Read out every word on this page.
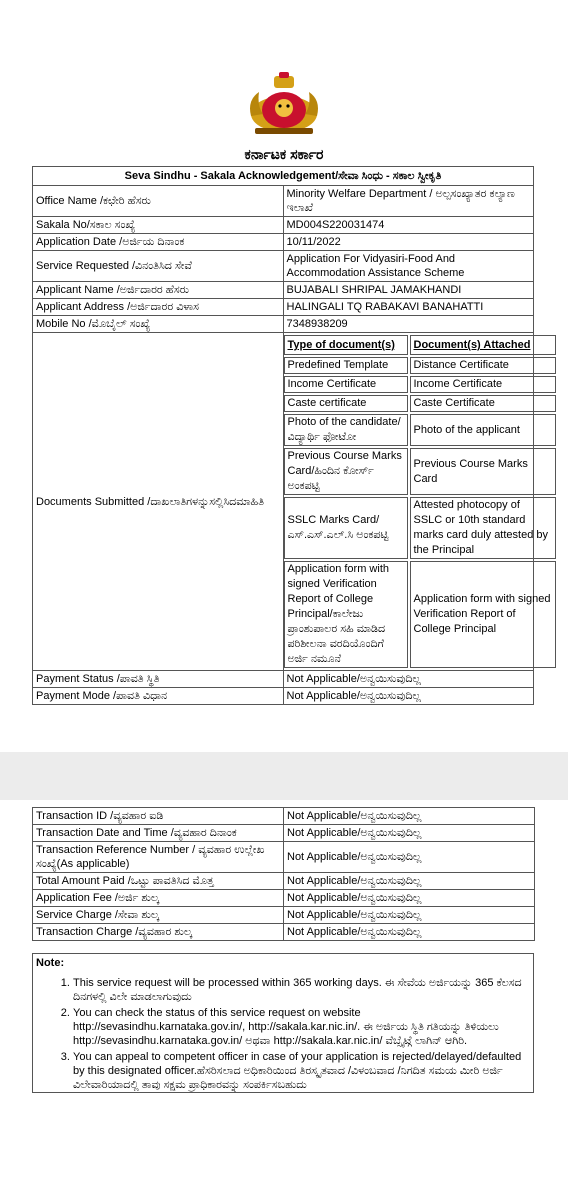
ಕರ್ನಾಟಕ ಸರ್ಕಾರ
Seva Sindhu - Sakala Acknowledgement/ಸೇವಾ ಸಿಂಧು - ಸಕಾಲ ಸ್ವೀಕೃತಿ
Office Name /ಕಛೇರಿ ಹೆಸರು	Minority Welfare Department / ಅಲ್ಪಸಂಖ್ಯಾತರ ಕಲ್ಯಾಣ ಇಲಾಖೆ
Sakala No/ಸಕಾಲ ಸಂಖ್ಯೆ	MD004S220031474
Application Date /ಅರ್ಜಿಯ ದಿನಾಂಕ	10/11/2022
Service Requested /ವಿನಂತಿಸಿದ ಸೇವೆ	Application For Vidyasiri-Food And Accommodation Assistance Scheme
Applicant Name /ಅರ್ಜಿದಾರರ ಹೆಸರು	BUJABALI SHRIPAL JAMAKHANDI
Applicant Address /ಅರ್ಜಿದಾರರ ವಿಳಾಸ	HALINGALI TQ RABAKAVI BANAHATTI
Mobile No /ಮೊಬೈಲ್ ಸಂಖ್ಯೆ	7348938209
Documents Submitted /ದಾಖಲಾತಿಗಳನ್ನುಸಲ್ಲಿಸಿದಮಾಹಿತಿ	
Type of document(s)	Document(s) Attached
Predefined Template	Distance Certificate
Income Certificate	Income Certificate
Caste certificate	Caste Certificate
Photo of the candidate/ವಿದ್ಯಾರ್ಥಿ ಫೋಟೋ	Photo of the applicant
Previous Course Marks Card/ಹಿಂದಿನ ಕೋರ್ಸ್ ಅಂಕಪಟ್ಟಿ	Previous Course Marks Card
SSLC Marks Card/ಎಸ್.ಎಸ್.ಎಲ್.ಸಿ ಅಂಕಪಟ್ಟಿ	Attested photocopy of SSLC or 10th standard marks card duly attested by the Principal
Application form with signed Verification Report of College Principal/ಕಾಲೇಜು ಪ್ರಾಂಶುಪಾಲರ ಸಹಿ ಮಾಡಿದ ಪರಿಶೀಲನಾ ವರದಿಯೊಂದಿಗೆ ಅರ್ಜಿ ನಮೂನೆ	Application form with signed Verification Report of College Principal

Payment Status /ಪಾವತಿ ಸ್ಥಿತಿ	Not Applicable/ಅನ್ವಯಿಸುವುದಿಲ್ಲ
Payment Mode /ಪಾವತಿ ವಿಧಾನ	Not Applicable/ಅನ್ವಯಿಸುವುದಿಲ್ಲ
Transaction ID /ವ್ಯವಹಾರ ಐಡಿ	Not Applicable/ಅನ್ವಯಿಸುವುದಿಲ್ಲ
Transaction Date and Time /ವ್ಯವಹಾರ ದಿನಾಂಕ	Not Applicable/ಅನ್ವಯಿಸುವುದಿಲ್ಲ
Transaction Reference Number / ವ್ಯವಹಾರ ಉಲ್ಲೇಖ ಸಂಖ್ಯೆ(As applicable)	Not Applicable/ಅನ್ವಯಿಸುವುದಿಲ್ಲ
Total Amount Paid /ಒಟ್ಟು ಪಾವತಿಸಿದ ಮೊತ್ತ	Not Applicable/ಅನ್ವಯಿಸುವುದಿಲ್ಲ
Application Fee /ಅರ್ಜಿ ಶುಲ್ಕ	Not Applicable/ಅನ್ವಯಿಸುವುದಿಲ್ಲ
Service Charge /ಸೇವಾ ಶುಲ್ಕ	Not Applicable/ಅನ್ವಯಿಸುವುದಿಲ್ಲ
Transaction Charge /ವ್ಯವಹಾರ ಶುಲ್ಕ	Not Applicable/ಅನ್ವಯಿಸುವುದಿಲ್ಲ
Note:
1. This service request will be processed within 365 working days. ಈ ಸೇವೆಯ ಅರ್ಜಿಯನ್ನು 365 ಕೆಲಸದ ದಿನಗಳಲ್ಲಿ ವಿಲೇ ಮಾಡಲಾಗುವುದು
2. You can check the status of this service request on website http://sevasindhu.karnataka.gov.in/, http://sakala.kar.nic.in/. ಈ ಅರ್ಜಿಯ ಸ್ಥಿತಿ ಗತಿಯನ್ನು ತಿಳಿಯಲು http://sevasindhu.karnataka.gov.in/ ಅಥವಾ http://sakala.kar.nic.in/ ವೆಬ್ಸೈಟ್ಗೆ ಲಾಗಿನ್ ಆಗಿರಿ.
3. You can appeal to competent officer in case of your application is rejected/delayed/defaulted by this designated officer.ಹೆಸರಿಸಲಾದ ಅಧಿಕಾರಿಯಿಂದ ತಿರಸ್ಕೃತವಾದ /ವಿಳಂಬವಾದ /ನಿಗದಿತ ಸಮಯ ಮೀರಿ ಅರ್ಜಿ ವಿಲೇವಾರಿಯಾದಲ್ಲಿ ತಾವು ಸಕ್ಷಮ ಪ್ರಾಧಿಕಾರವನ್ನು ಸಂಪರ್ಕಿಸಬಹುದು
